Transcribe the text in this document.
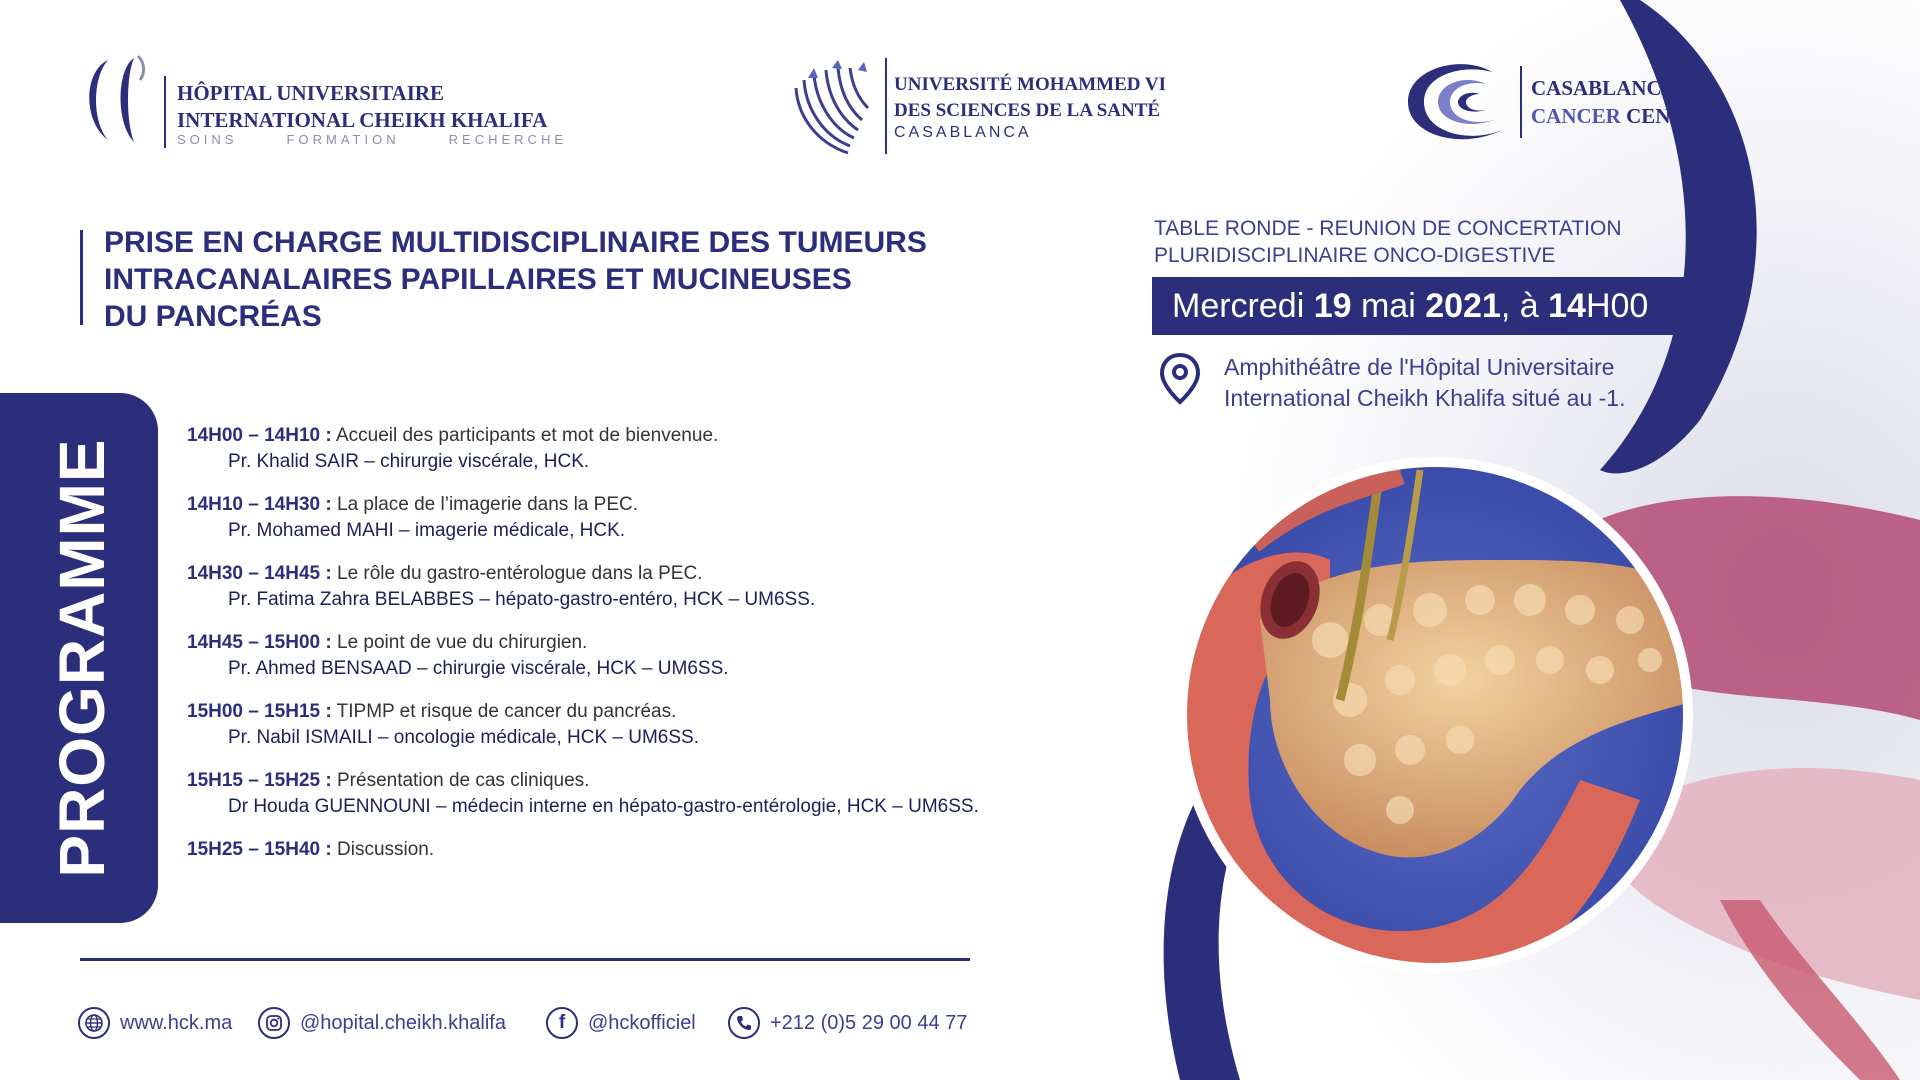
HÔPITAL UNIVERSITAIRE
INTERNATIONAL CHEIKH KHALIFA
SOINS	FORMATION	RECHERCHE
UNIVERSITÉ MOHAMMED VI
DES SCIENCES DE LA SANTÉ
CASABLANCA
CASABLANCA
CANCER CENTER
PRISE EN CHARGE MULTIDISCIPLINAIRE DES TUMEURS
INTRACANALAIRES PAPILLAIRES ET MUCINEUSES
DU PANCRÉAS
TABLE RONDE - REUNION DE CONCERTATION
PLURIDISCIPLINAIRE ONCO-DIGESTIVE
Mercredi 19 mai 2021, à 14H00
Amphithéâtre de l'Hôpital Universitaire
International Cheikh Khalifa situé au -1.
PROGRAMME
14H00 – 14H10 : Accueil des participants et mot de bienvenue.
Pr. Khalid SAIR – chirurgie viscérale, HCK.
14H10 – 14H30 : La place de l’imagerie dans la PEC.
Pr. Mohamed MAHI – imagerie médicale, HCK.
14H30 – 14H45 : Le rôle du gastro-entérologue dans la PEC.
Pr. Fatima Zahra BELABBES – hépato-gastro-entéro, HCK – UM6SS.
14H45 – 15H00 : Le point de vue du chirurgien.
Pr. Ahmed BENSAAD – chirurgie viscérale, HCK – UM6SS.
15H00 – 15H15 : TIPMP et risque de cancer du pancréas.
Pr. Nabil ISMAILI – oncologie médicale, HCK – UM6SS.
15H15 – 15H25 : Présentation de cas cliniques.
Dr Houda GUENNOUNI – médecin interne en hépato-gastro-entérologie, HCK – UM6SS.
15H25 – 15H40 : Discussion.
www.hck.ma	@hopital.cheikh.khalifa	f	@hckofficiel	+212 (0)5 29 00 44 77
